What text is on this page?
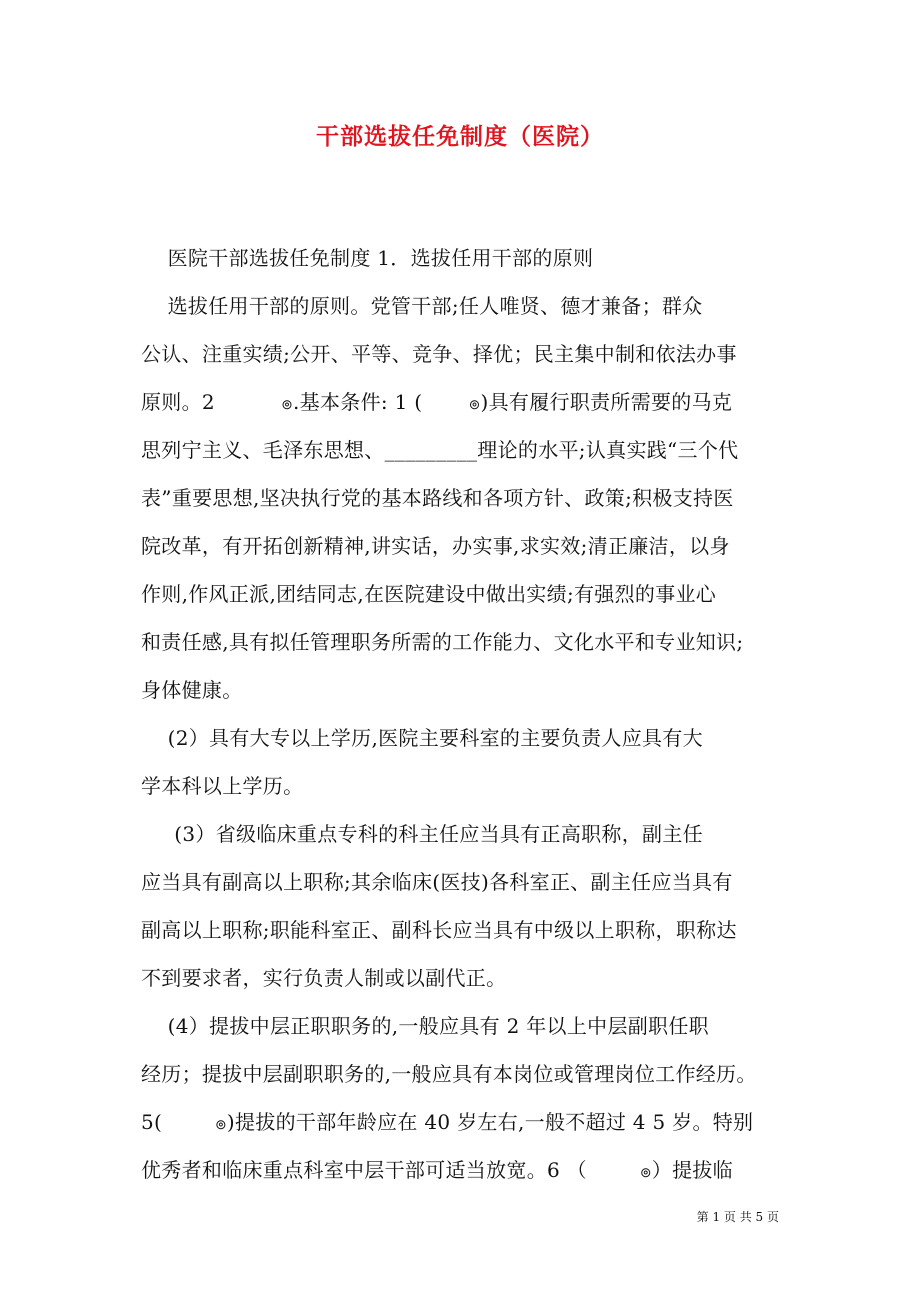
干部选拔任免制度（医院）
医院干部选拔任免制度 1．选拔任用干部的原则
选拔任用干部的原则。党管干部;任人唯贤、德才兼备；群众
公认、注重实绩;公开、平等、竞争、择优；民主集中制和依法办事
原则。2          ၜ.基本条件: 1 (       ၜ)具有履行职责所需要的马克
思列宁主义、毛泽东思想、_________理论的水平;认真实践“三个代
表”重要思想,坚决执行党的基本路线和各项方针、政策;积极支持医
院改革，有开拓创新精神,讲实话，办实事,求实效;清正廉洁，以身
作则,作风正派,团结同志,在医院建设中做出实绩;有强烈的事业心
和责任感,具有拟任管理职务所需的工作能力、文化水平和专业知识;
身体健康。
(2）具有大专以上学历,医院主要科室的主要负责人应具有大
学本科以上学历。
(3）省级临床重点专科的科主任应当具有正高职称，副主任
应当具有副高以上职称;其余临床(医技)各科室正、副主任应当具有
副高以上职称;职能科室正、副科长应当具有中级以上职称，职称达
不到要求者，实行负责人制或以副代正。
(4）提拔中层正职职务的,一般应具有 2 年以上中层副职任职
经历；提拔中层副职职务的,一般应具有本岗位或管理岗位工作经历。
5(        ၜ)提拔的干部年龄应在 40 岁左右,一般不超过 4 5 岁。特别
优秀者和临床重点科室中层干部可适当放宽。6 （        ၜ）提拔临
第 1 页 共 5 页
